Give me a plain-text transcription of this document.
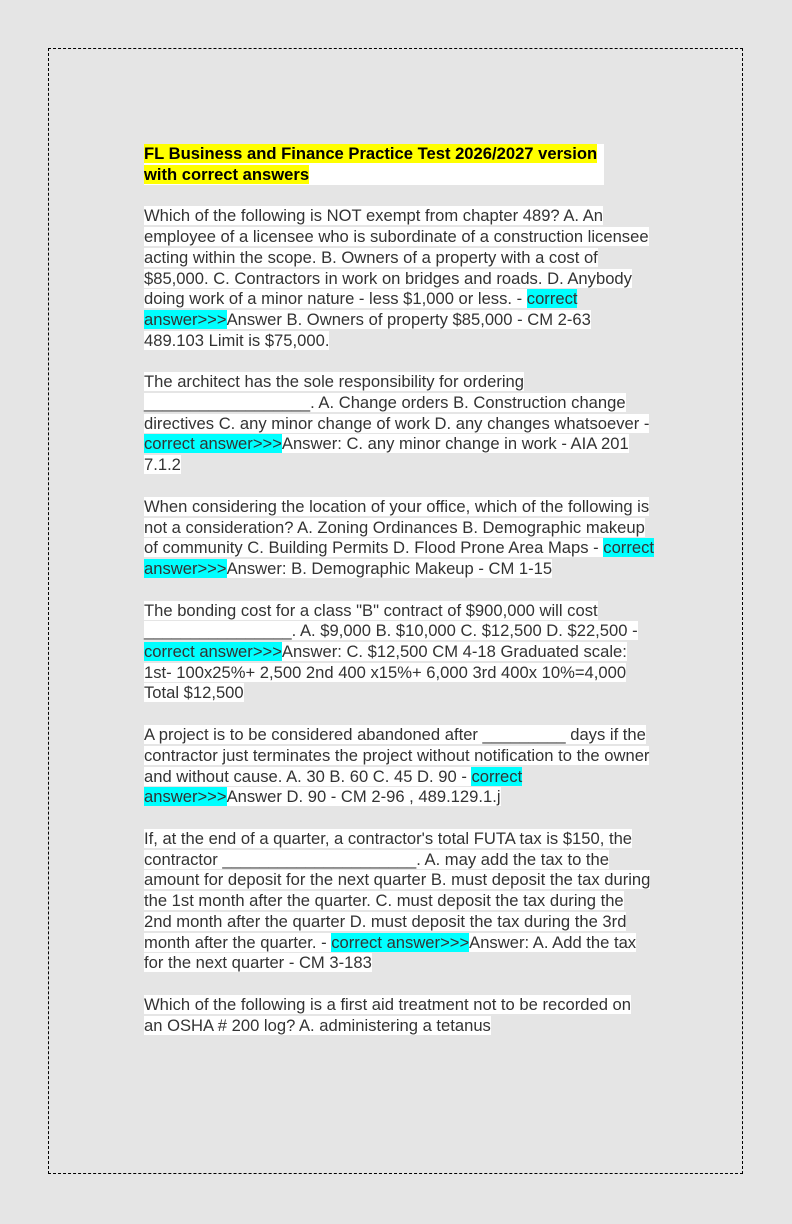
FL Business and Finance Practice Test 2026/2027 version with correct answers
Which of the following is NOT exempt from chapter 489? A. An employee of a licensee who is subordinate of a construction licensee acting within the scope. B. Owners of a property with a cost of $85,000. C. Contractors in work on bridges and roads. D. Anybody doing work of a minor nature - less $1,000 or less. - correct answer>>>Answer B. Owners of property $85,000 - CM 2-63 489.103 Limit is $75,000.
The architect has the sole responsibility for ordering __________________. A. Change orders B. Construction change directives C. any minor change of work D. any changes whatsoever - correct answer>>>Answer: C. any minor change in work - AIA 201 7.1.2
When considering the location of your office, which of the following is not a consideration? A. Zoning Ordinances B. Demographic makeup of community C. Building Permits D. Flood Prone Area Maps - correct answer>>>Answer: B. Demographic Makeup - CM 1-15
The bonding cost for a class "B" contract of $900,000 will cost ________________. A. $9,000 B. $10,000 C. $12,500 D. $22,500 - correct answer>>>Answer: C. $12,500 CM 4-18 Graduated scale: 1st- 100x25%+ 2,500 2nd 400 x15%+ 6,000 3rd 400x 10%=4,000 Total $12,500
A project is to be considered abandoned after _________ days if the contractor just terminates the project without notification to the owner and without cause. A. 30 B. 60 C. 45 D. 90 - correct answer>>>Answer D. 90 - CM 2-96 , 489.129.1.j
If, at the end of a quarter, a contractor's total FUTA tax is $150, the contractor _____________________. A. may add the tax to the amount for deposit for the next quarter B. must deposit the tax during the 1st month after the quarter. C. must deposit the tax during the 2nd month after the quarter D. must deposit the tax during the 3rd month after the quarter. - correct answer>>>Answer: A. Add the tax for the next quarter - CM 3-183
Which of the following is a first aid treatment not to be recorded on an OSHA # 200 log? A. administering a tetanus
